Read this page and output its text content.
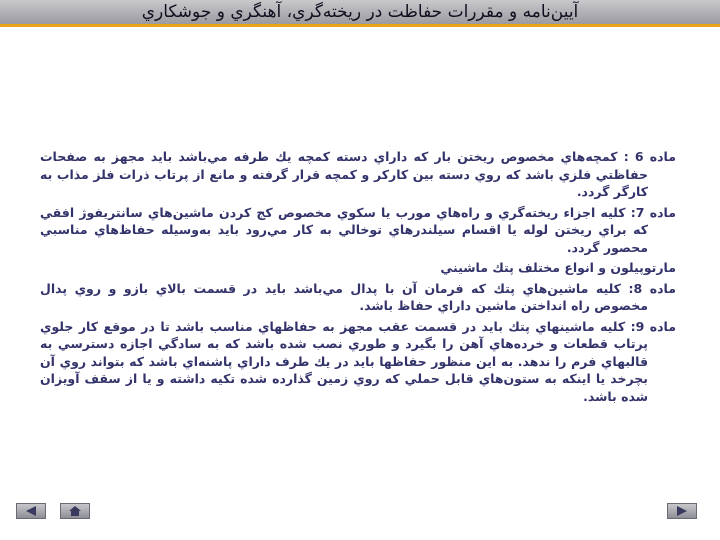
آيين‌نامه و مقررات حفاظت در ريخته‌گري، آهنگري و جوشكاري

ماده 6 : كمچه‌هاي مخصوص ريختن بار كه داراي دسته كمچه يك طرفه مي‌باشد بايد مجهز به صفحات حفاظتي فلزي باشد كه روي دسته بين كاركر و كمچه قرار گرفته و مانع از پرتاب ذرات فلز مذاب به كارگر گردد.

ماده 7: كليه اجزاء ريخته‌گري و راه‌هاي مورب يا سكوي مخصوص كج كردن ماشين‌هاي سانتريفوژ افقي كه براي ريختن لوله يا اقسام سيلندرهاي توخالي به كار مي‌رود بايد به‌وسيله حفاظ‌هاي مناسبي محصور گردد.

مارتوپيلون و انواع مختلف پتك ماشيني

ماده 8: كليه ماشين‌هاي پتك كه فرمان آن با پدال مي‌باشد بايد در قسمت بالاي بازو و روي پدال مخصوص راه انداختن ماشين داراي حفاظ باشد.

ماده 9: كليه ماشينهاي پتك بايد در قسمت عقب مجهز به حفاظهاي مناسب باشد تا در موقع كار جلوي پرتاب قطعات و خرده‌هاي آهن را بگيرد و طوري نصب شده باشد كه به سادگي اجازه دسترسي به قالبهاي فرم را ندهد. به اين منظور حفاظها بايد در يك طرف داراي پاشنه‌اي باشد كه بتواند روي آن بچرخد يا اينكه به ستون‌هاي قابل حملي كه روي زمين گذارده شده تكيه داشته و يا از سقف آويزان شده باشد.
